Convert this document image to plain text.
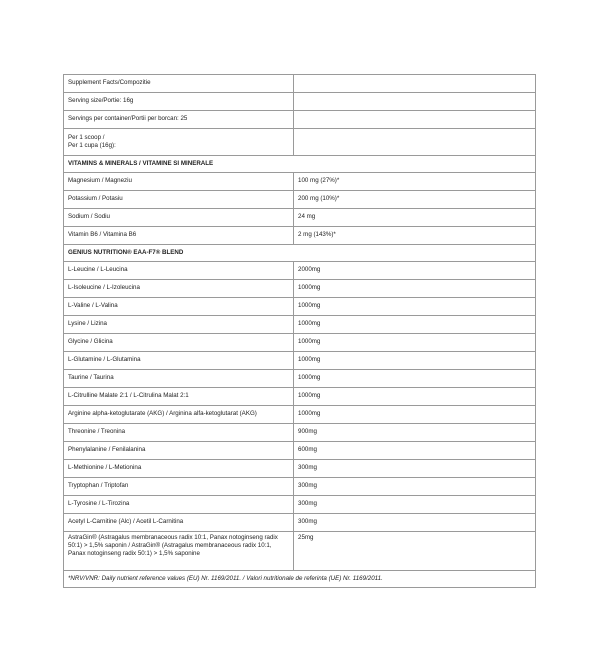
Supplement Facts/Compozitie	
Serving size/Portie: 16g	
Servings per container/Portii per borcan: 25	
Per 1 scoop /
Per 1 cupa (16g):	
VITAMINS & MINERALS / VITAMINE SI MINERALE	
Magnesium / Magneziu	100 mg (27%)*
Potassium / Potasiu	200 mg (10%)*
Sodium / Sodiu	24 mg
Vitamin B6 / Vitamina B6	2 mg (143%)*
GENIUS NUTRITION® EAA-F7® BLEND	
L-Leucine / L-Leucina	2000mg
L-Isoleucine / L-Izoleucina	1000mg
L-Valine / L-Valina	1000mg
Lysine / Lizina	1000mg
Glycine / Glicina	1000mg
L-Glutamine / L-Glutamina	1000mg
Taurine / Taurina	1000mg
L-Citrulline Malate 2:1 / L-Citrulina Malat 2:1	1000mg
Arginine alpha-ketoglutarate (AKG) / Arginina alfa-ketoglutarat (AKG)	1000mg
Threonine / Treonina	900mg
Phenylalanine / Fenilalanina	600mg
L-Methionine / L-Metionina	300mg
Tryptophan / Triptofan	300mg
L-Tyrosine / L-Tirozina	300mg
Acetyl L-Carnitine (Alc) / Acetil L-Carnitina	300mg
AstraGin® (Astragalus membranaceous radix 10:1, Panax notoginseng radix 50:1) > 1,5% saponin / AstraGin® (Astragalus membranaceous radix 10:1, Panax notoginseng radix 50:1) > 1,5% saponine	25mg
*NRV/VNR: Daily nutrient reference values (EU) Nr. 1169/2011. / Valori nutritionale de referinta (UE) Nr. 1169/2011.	
